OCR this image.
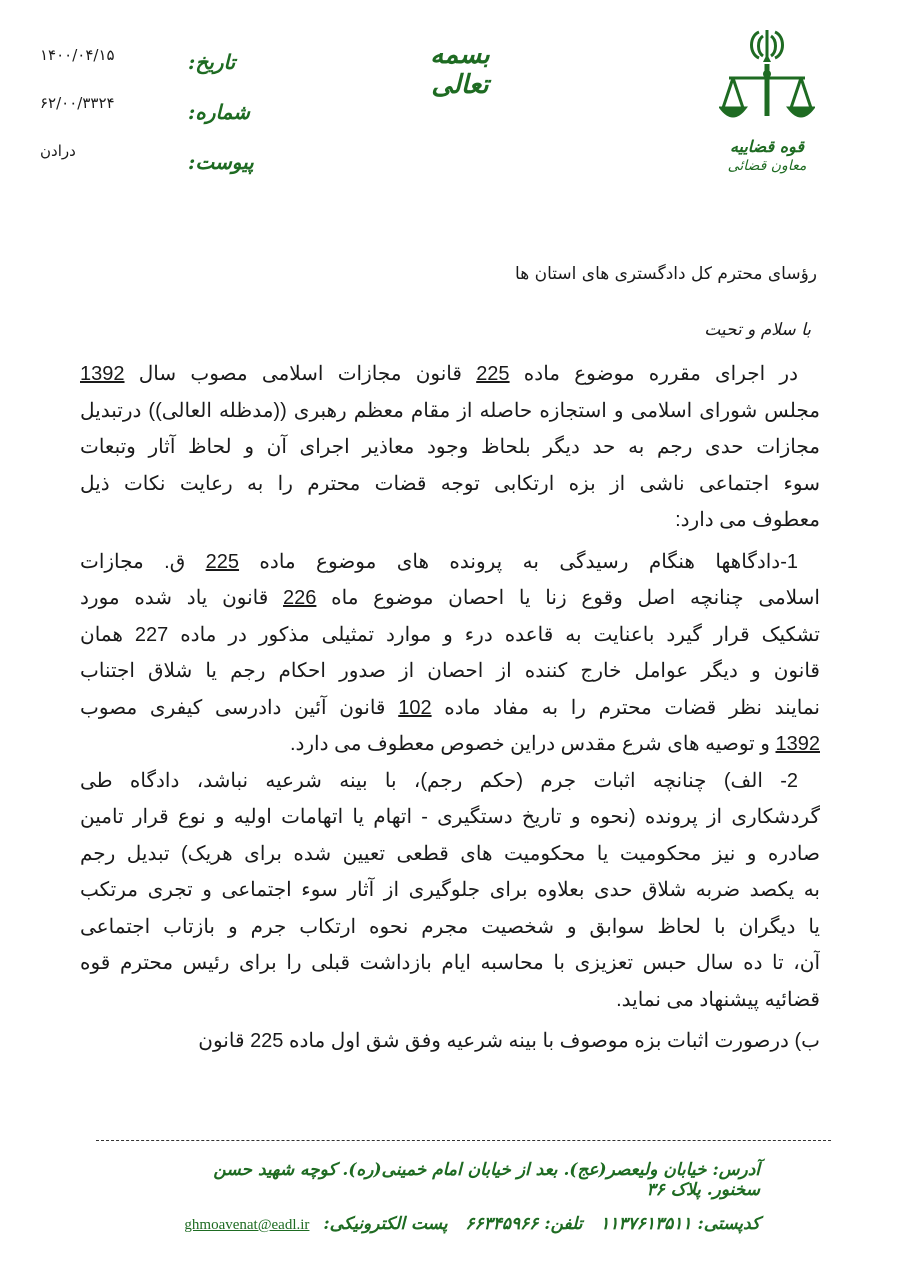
۱۴۰۰/۰۴/۱۵
۶۲/۰۰/۳۳۲۴
درادن
تاریخ:
شماره:
پیوست:
بسمه تعالی
قوه قضاییه
معاون قضائی
رؤسای محترم کل دادگستری های استان ها
با سلام و تحیت
در اجرای مقرره موضوع ماده 225 قانون مجازات اسلامی مصوب سال 1392
مجلس شورای اسلامی و استجازه حاصله از مقام معظم رهبری ((مدظله العالی)) درتبدیل
مجازات حدی رجم به حد دیگر بلحاظ وجود معاذیر اجرای آن و لحاظ آثار وتبعات
سوء اجتماعی ناشی از بزه ارتکابی توجه قضات محترم را به رعایت نکات ذیل
معطوف می دارد:
1-دادگاهها هنگام رسیدگی به پرونده های موضوع ماده 225 ق. مجازات
اسلامی چنانچه اصل وقوع زنا یا احصان موضوع ماه 226 قانون یاد شده مورد
تشکیک قرار گیرد باعنایت به قاعده درء و موارد تمثیلی مذکور در ماده 227 همان
قانون و دیگر عوامل خارج کننده از احصان از صدور احکام رجم یا شلاق اجتناب
نمایند نظر قضات محترم را به مفاد ماده 102 قانون آئین دادرسی کیفری مصوب
1392 و توصیه های شرع مقدس دراین خصوص معطوف می دارد.
2- الف) چنانچه اثبات جرم (حکم رجم)، با بینه شرعیه نباشد، دادگاه طی
گردشکاری از پرونده (نحوه و تاریخ دستگیری - اتهام یا اتهامات اولیه و نوع قرار تامین
صادره و نیز محکومیت یا محکومیت های قطعی تعیین شده برای هریک) تبدیل رجم
به یکصد ضربه شلاق حدی بعلاوه برای جلوگیری از آثار سوء اجتماعی و تجری مرتکب
یا دیگران با لحاظ سوابق و شخصیت مجرم نحوه ارتکاب جرم و بازتاب اجتماعی
آن، تا ده سال حبس تعزیزی با محاسبه ایام بازداشت قبلی را برای رئیس محترم قوه
قضائیه پیشنهاد می نماید.
ب) درصورت اثبات بزه موصوف با بینه شرعیه وفق شق اول ماده 225 قانون
آدرس: خیابان ولیعصر(عج). بعد از خیابان امام خمینی(ره). کوچه شهید حسن سخنور. پلاک ۳۶
کدپستی: ۱۱۳۷۶۱۳۵۱۱   تلفن: ۶۶۳۴۵۹۶۶   پست الکترونیکی: ghmoavenat@eadl.ir
